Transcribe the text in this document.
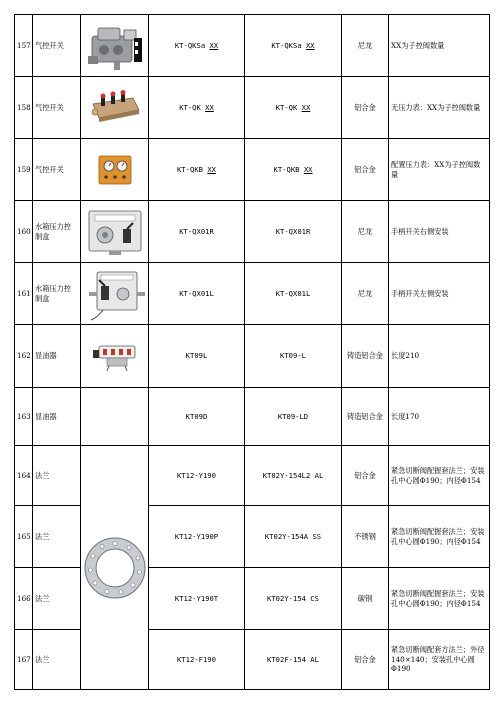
157	气控开关		KT-QKSa XX	KT-QKSa XX	尼龙	XX为子控阀数量
158	气控开关		KT-QK XX	KT-QK XX	铝合金	无压力表：XX为子控阀数量
159	气控开关		KT-QKB XX	KT-QKB XX	铝合金	配置压力表：XX为子控阀数量
160	水箱压力控制盒		KT-QX01R	KT-QX01R	尼龙	手柄开关右侧安装
161	水箱压力控制盒		KT-QX01L	KT-QX01L	尼龙	手柄开关左侧安装
162	显油器		KT09L	KT09-L	铸造铝合金	长度210
163	显油器		KT09D	KT09-LD	铸造铝合金	长度170
164	法兰		KT12-Y190	KT02Y-154L2 AL	铝合金	紧急切断阀配握套法兰；安装孔中心圆Φ190；内径Φ154
165	法兰		KT12-Y190P	KT02Y-154A SS	不锈钢	紧急切断阀配握套法兰；安装孔中心圆Φ190；内径Φ154
166	法兰		KT12-Y190T	KT02Y-154 CS	碳钢	紧急切断阀配握套法兰；安装孔中心圆Φ190；内径Φ154
167	法兰		KT12-F190	KT02F-154 AL	铝合金	紧急切断阀配套方法兰；外径140×140；安装孔中心圆Φ190
